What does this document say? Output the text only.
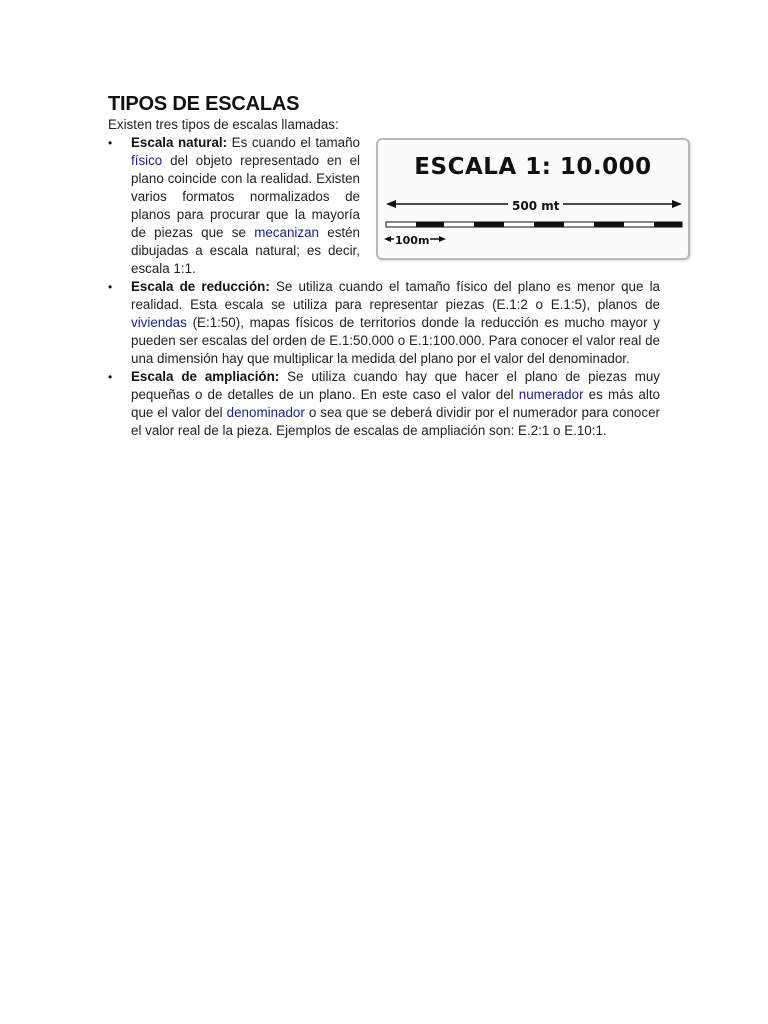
TIPOS DE ESCALAS

Existen tres tipos de escalas llamadas:

•
ESCALA 1: 10.000
500 mt
100m
Escala natural: Es cuando el tamaño físico del objeto representado en el plano coincide con la realidad. Existen varios formatos normalizados de planos para procurar que la mayoría de piezas que se mecanizan estén dibujadas a escala natural; es decir, escala 1:1.
• Escala de reducción: Se utiliza cuando el tamaño físico del plano es menor que la realidad. Esta escala se utiliza para representar piezas (E.1:2 o E.1:5), planos de viviendas (E:1:50), mapas físicos de territorios donde la reducción es mucho mayor y pueden ser escalas del orden de E.1:50.000 o E.1:100.000. Para conocer el valor real de una dimensión hay que multiplicar la medida del plano por el valor del denominador.
• Escala de ampliación: Se utiliza cuando hay que hacer el plano de piezas muy pequeñas o de detalles de un plano. En este caso el valor del numerador es más alto que el valor del denominador o sea que se deberá dividir por el numerador para conocer el valor real de la pieza. Ejemplos de escalas de ampliación son: E.2:1 o E.10:1.
